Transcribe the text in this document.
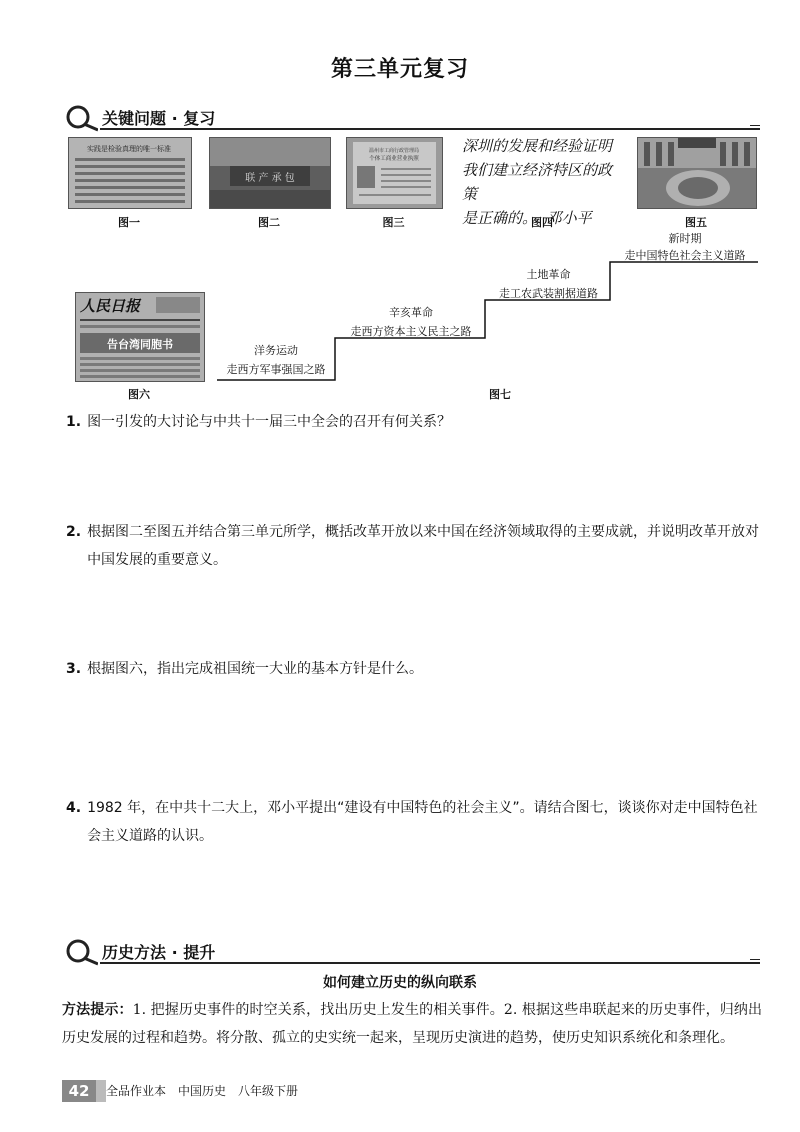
第三单元复习
关键问题 · 复习
实践是检验真理的唯一标准
图一
联 产 承 包
图二
温州市工商行政管理局
个体工商业营业执照
图三
深圳的发展和经验证明
我们建立经济特区的政策
是正确的。 邓小平
图四	图五
人民日报
告台湾同胞书
图六
洋务运动
走西方军事强国之路
辛亥革命
走西方资本主义民主之路
土地革命
走工农武装割据道路
新时期
走中国特色社会主义道路
图七
1. 图一引发的大讨论与中共十一届三中全会的召开有何关系？
2. 根据图二至图五并结合第三单元所学，概括改革开放以来中国在经济领域取得的主要成就，并说明改革开放对中国发展的重要意义。
3. 根据图六，指出完成祖国统一大业的基本方针是什么。
4. 1982 年，在中共十二大上，邓小平提出“建设有中国特色的社会主义”。请结合图七，谈谈你对走中国特色社会主义道路的认识。
历史方法 · 提升
如何建立历史的纵向联系
方法提示：1. 把握历史事件的时空关系，找出历史上发生的相关事件。2. 根据这些串联起来的历史事件，归纳出历史发展的过程和趋势。将分散、孤立的史实统一起来，呈现历史演进的趋势，使历史知识系统化和条理化。
42	全品作业本　中国历史　八年级下册
